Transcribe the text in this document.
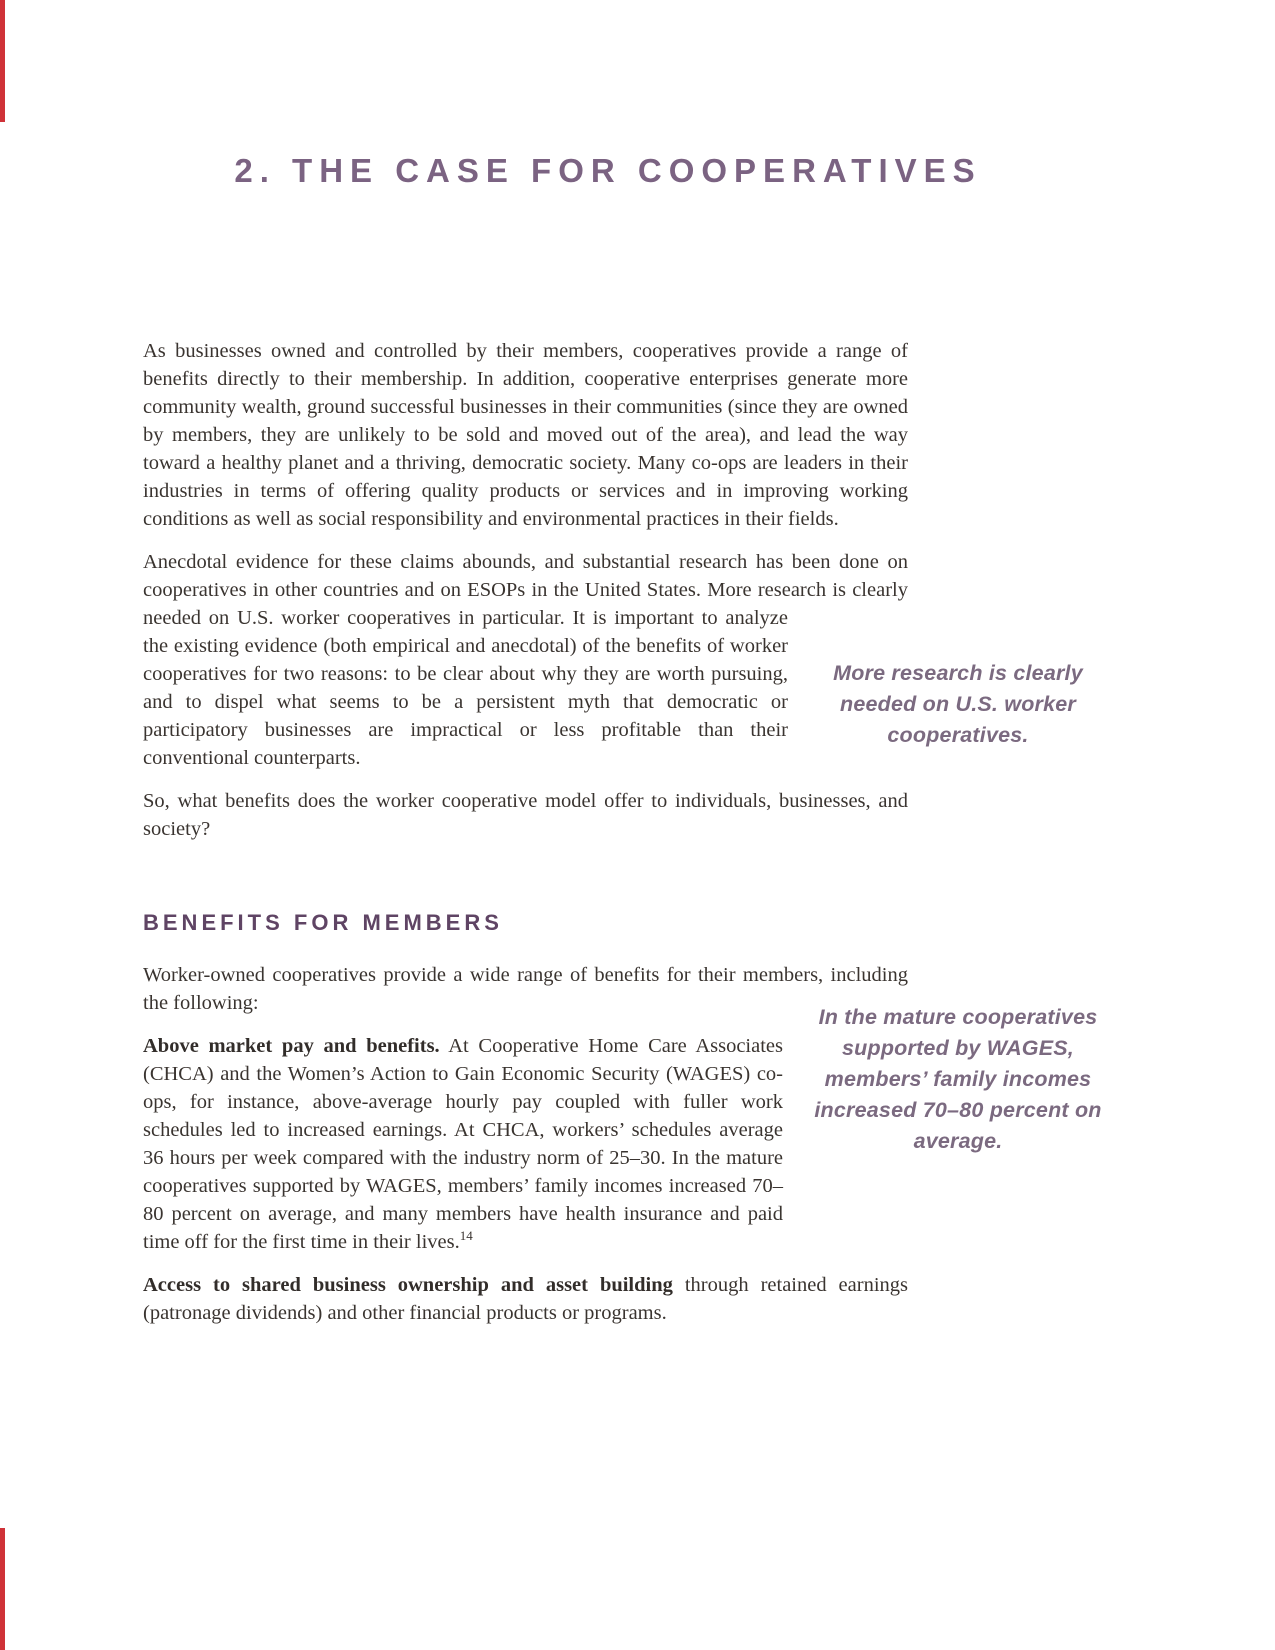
2. THE CASE FOR COOPERATIVES

As businesses owned and controlled by their members, cooperatives provide a range of benefits directly to their membership. In addition, cooperative enterprises generate more community wealth, ground successful businesses in their communities (since they are owned by members, they are unlikely to be sold and moved out of the area), and lead the way toward a healthy planet and a thriving, democratic society. Many co-ops are leaders in their industries in terms of offering quality products or services and in improving working conditions as well as social responsibility and environmental practices in their fields.

Anecdotal evidence for these claims abounds, and substantial research has been done on cooperatives in other countries and on ESOPs in the United States. More research
More research is clearly needed on U.S. worker cooperatives.
is clearly needed on U.S. worker cooperatives in particular. It is important to analyze the existing evidence (both empirical and anecdotal) of the benefits of worker cooperatives for two reasons: to be clear about why they are worth pursuing, and to dispel what seems to be a persistent myth that democratic or participatory businesses are impractical or less profitable than their conventional counterparts.

So, what benefits does the worker cooperative model offer to individuals, businesses, and society?

BENEFITS FOR MEMBERS

Worker-owned cooperatives provide a wide range of benefits for their members, including the following:

In the mature cooperatives supported by WAGES, members’ family incomes increased 70–80 percent on average.
Above market pay and benefits. At Cooperative Home Care Associates (CHCA) and the Women’s Action to Gain Economic Security (WAGES) co-ops, for instance, above-average hourly pay coupled with fuller work schedules led to increased earnings. At CHCA, workers’ schedules average 36 hours per week compared with the industry norm of 25–30. In the mature cooperatives supported by WAGES, members’ family incomes increased 70–80 percent on average, and many members have health insurance and paid time off for the first time in their lives.$^{14}$

Access to shared business ownership and asset building through retained earnings (patronage dividends) and other financial products or programs.
